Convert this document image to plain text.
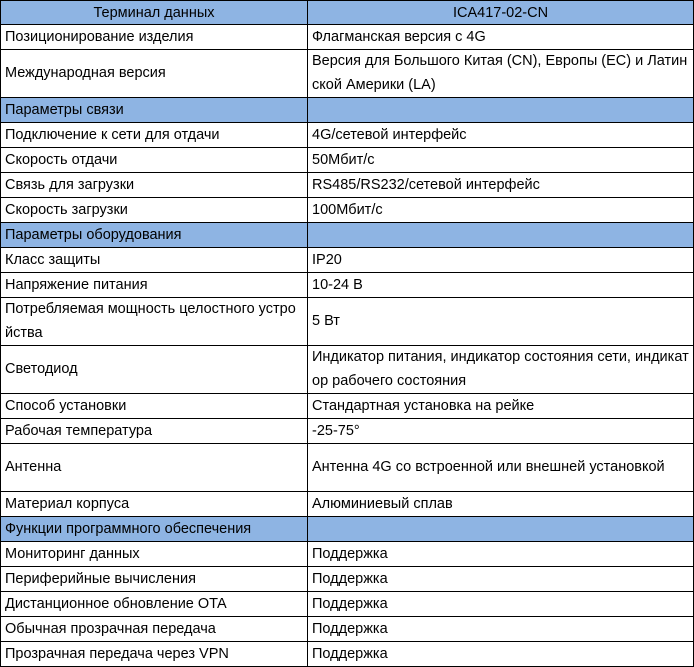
Терминал данных	ICA417-02-CN
Позиционирование изделия	Флагманская версия с 4G
Международная версия	Версия для Большого Китая (CN), Европы (EC) и Латинской Америки (LA)
Параметры связи	
Подключение к сети для отдачи	4G/сетевой интерфейс
Скорость отдачи	50Мбит/с
Связь для загрузки	RS485/RS232/сетевой интерфейс
Скорость загрузки	100Мбит/с
Параметры оборудования	
Класс защиты	IP20
Напряжение питания	10-24 В
Потребляемая мощность целостного устройства	5 Вт
Светодиод	Индикатор питания, индикатор состояния сети, индикатор рабочего состояния
Способ установки	Стандартная установка на рейке
Рабочая температура	-25-75°
Антенна	Антенна 4G со встроенной или внешней установкой
Материал корпуса	Алюминиевый сплав
Функции программного обеспечения	
Мониторинг данных	Поддержка
Периферийные вычисления	Поддержка
Дистанционное обновление OTA	Поддержка
Обычная прозрачная передача	Поддержка
Прозрачная передача через VPN	Поддержка
